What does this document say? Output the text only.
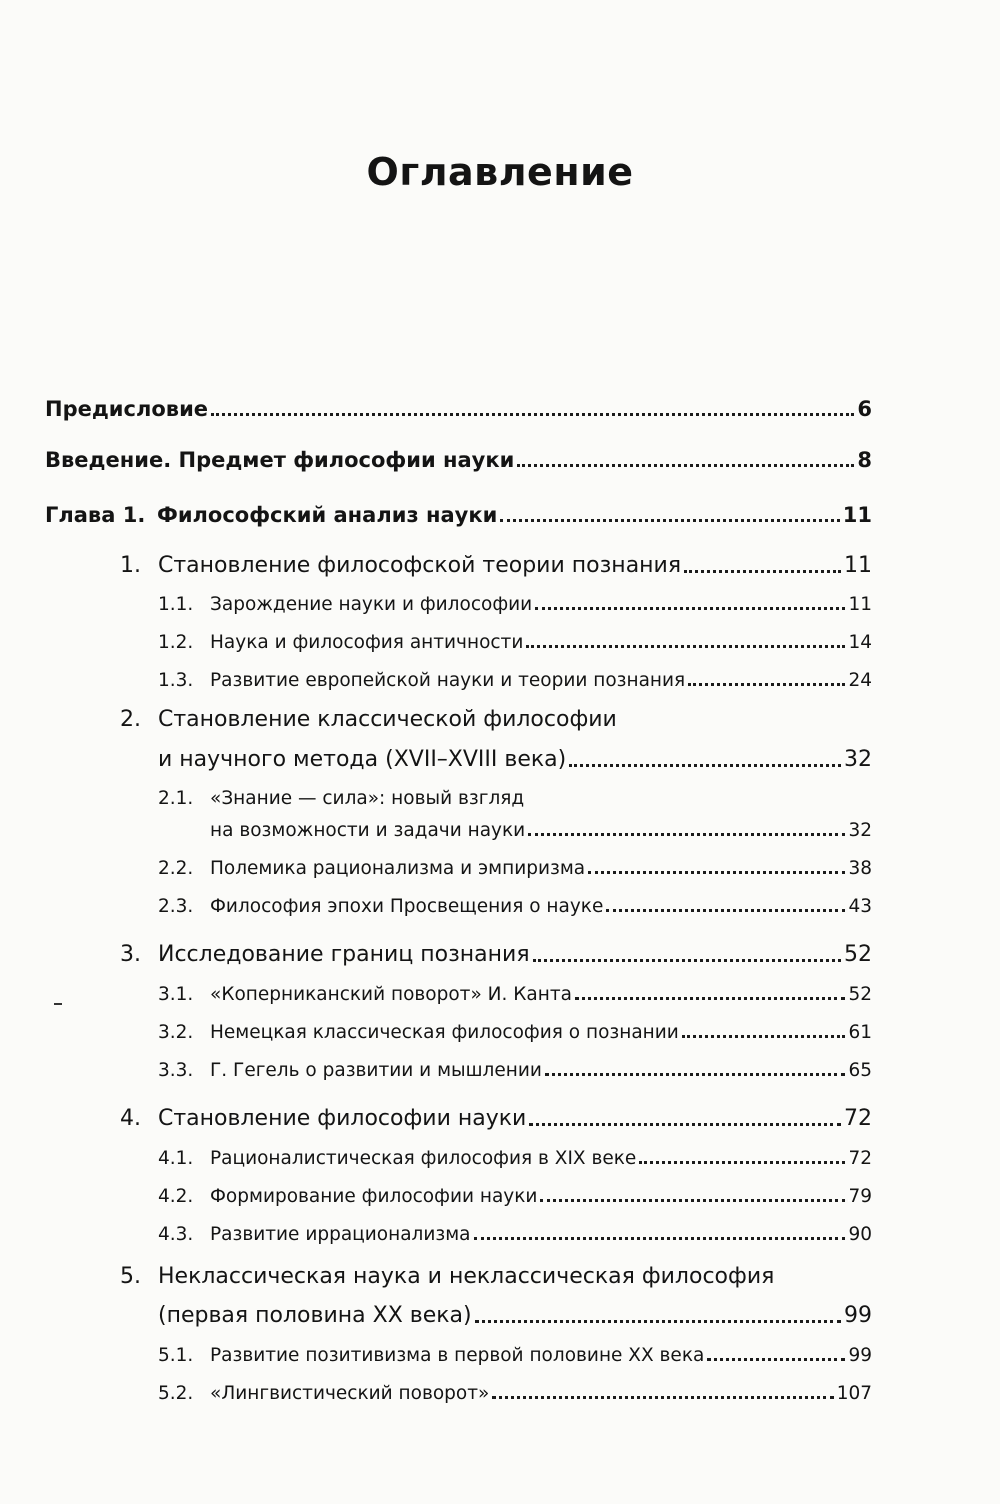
Оглавление
Предисловие	6
Введение. Предмет философии науки	8
Глава 1. Философский анализ науки	11
1. Становление философской теории познания	11
1.1. Зарождение науки и философии	11
1.2. Наука и философия античности	14
1.3. Развитие европейской науки и теории познания	24
2. Становление классической философии
и научного метода (XVII–XVIII века)	32
2.1. «Знание — сила»: новый взгляд
на возможности и задачи науки	32
2.2. Полемика рационализма и эмпиризма	38
2.3. Философия эпохи Просвещения о науке	43
3. Исследование границ познания	52
3.1. «Коперниканский поворот» И. Канта	52
3.2. Немецкая классическая философия о познании	61
3.3. Г. Гегель о развитии и мышлении	65
4. Становление философии науки	72
4.1. Рационалистическая философия в XIX веке	72
4.2. Формирование философии науки	79
4.3. Развитие иррационализма	90
5. Неклассическая наука и неклассическая философия
(первая половина XX века)	99
5.1. Развитие позитивизма в первой половине XX века	99
5.2. «Лингвистический поворот»	107
